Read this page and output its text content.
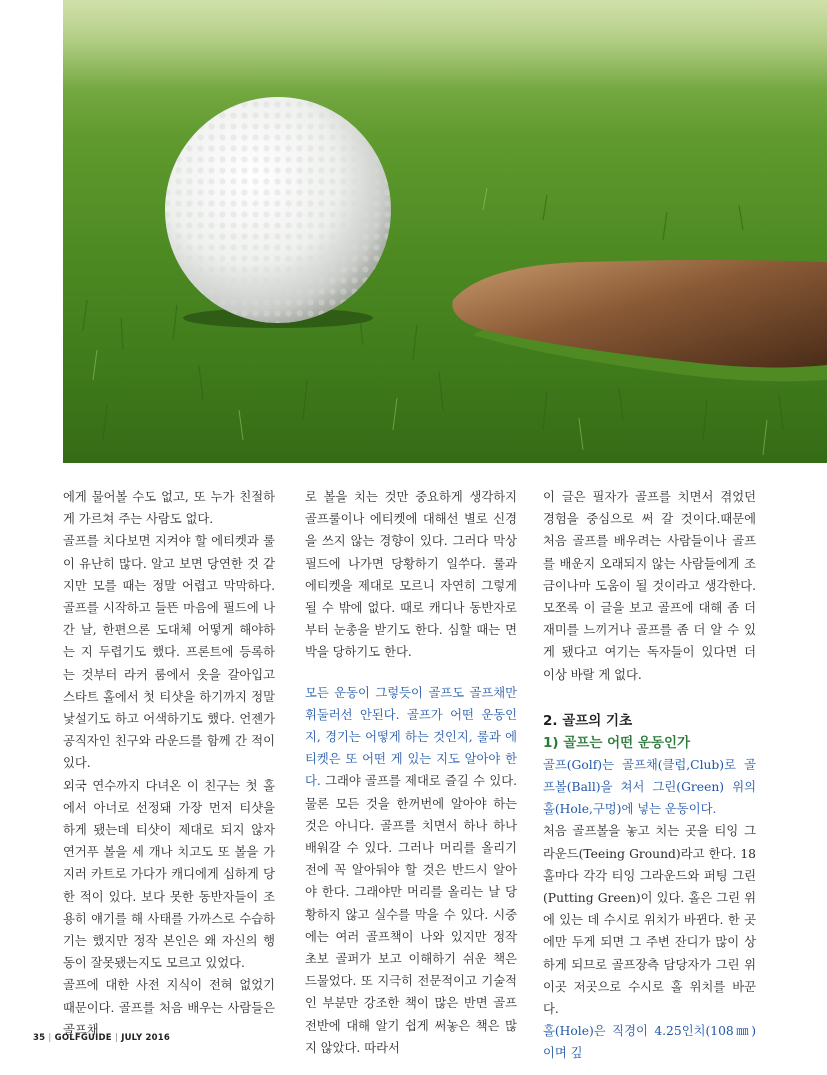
에게 물어볼 수도 없고, 또 누가 친절하게 가르쳐 주는 사람도 없다.

골프를 치다보면 지켜야 할 에티켓과 룰이 유난히 많다. 알고 보면 당연한 것 같지만 모를 때는 정말 어렵고 막막하다. 골프를 시작하고 들뜬 마음에 필드에 나간 날, 한편으론 도대체 어떻게 해야하는 지 두렵기도 했다. 프론트에 등록하는 것부터 라커 룸에서 옷을 갈아입고 스타트 홀에서 첫 티샷을 하기까지 정말 낯설기도 하고 어색하기도 했다. 언젠가 공직자인 친구와 라운드를 함께 간 적이 있다.

외국 연수까지 다녀온 이 친구는 첫 홀에서 아너로 선정돼 가장 먼저 티샷을 하게 됐는데 티샷이 제대로 되지 않자 연거푸 볼을 세 개나 치고도 또 볼을 가지러 카트로 가다가 캐디에게 심하게 당한 적이 있다. 보다 못한 동반자들이 조용히 얘기를 해 사태를 가까스로 수습하기는 했지만 정작 본인은 왜 자신의 행동이 잘못됐는지도 모르고 있었다.

골프에 대한 사전 지식이 전혀 없었기 때문이다. 골프를 처음 배우는 사람들은 골프채

로 볼을 치는 것만 중요하게 생각하지 골프룰이나 에티켓에 대해선 별로 신경을 쓰지 않는 경향이 있다. 그러다 막상 필드에 나가면 당황하기 일쑤다. 룰과 에티켓을 제대로 모르니 자연히 그렇게 될 수 밖에 없다. 때로 캐디나 동반자로부터 눈총을 받기도 한다. 심할 때는 면박을 당하기도 한다.

모든 운동이 그렇듯이 골프도 골프채만 휘둘러선 안된다. 골프가 어떤 운동인지, 경기는 어떻게 하는 것인지, 룰과 에티켓은 또 어떤 게 있는 지도 알아야 한다. 그래야 골프를 제대로 즐길 수 있다. 물론 모든 것을 한꺼번에 알아야 하는 것은 아니다. 골프를 치면서 하나 하나 배워갈 수 있다. 그러나 머리를 올리기 전에 꼭 알아둬야 할 것은 반드시 알아야 한다. 그래야만 머리를 올리는 날 당황하지 않고 실수를 막을 수 있다. 시중에는 여러 골프책이 나와 있지만 정작 초보 골퍼가 보고 이해하기 쉬운 책은 드물었다. 또 지극히 전문적이고 기술적인 부분만 강조한 책이 많은 반면 골프 전반에 대해 알기 쉽게 써놓은 책은 많지 않았다. 따라서

이 글은 필자가 골프를 치면서 겪었던 경험을 중심으로 써 갈 것이다.때문에 처음 골프를 배우려는 사람들이나 골프를 배운지 오래되지 않는 사람들에게 조금이나마 도움이 될 것이라고 생각한다.모쪼록 이 글을 보고 골프에 대해 좀 더 재미를 느끼거나 골프를 좀 더 알 수 있게 됐다고 여기는 독자들이 있다면 더 이상 바랄 게 없다.

2. 골프의 기초
1) 골프는 어떤 운동인가

골프(Golf)는 골프채(클럽,Club)로 골프볼(Ball)을 쳐서 그린(Green) 위의 홀(Hole,구멍)에 넣는 운동이다.

처음 골프볼을 놓고 치는 곳을 티잉 그라운드(Teeing Ground)라고 한다. 18홀마다 각각 티잉 그라운드와 퍼팅 그린(Putting Green)이 있다. 홀은 그린 위에 있는 데 수시로 위치가 바뀐다. 한 곳에만 두게 되면 그 주변 잔디가 많이 상하게 되므로 골프장측 담당자가 그린 위 이곳 저곳으로 수시로 홀 위치를 바꾼다.

홀(Hole)은 직경이 4.25인치(108㎜)이며 깊

35 | GOLFGUIDE | JULY 2016
